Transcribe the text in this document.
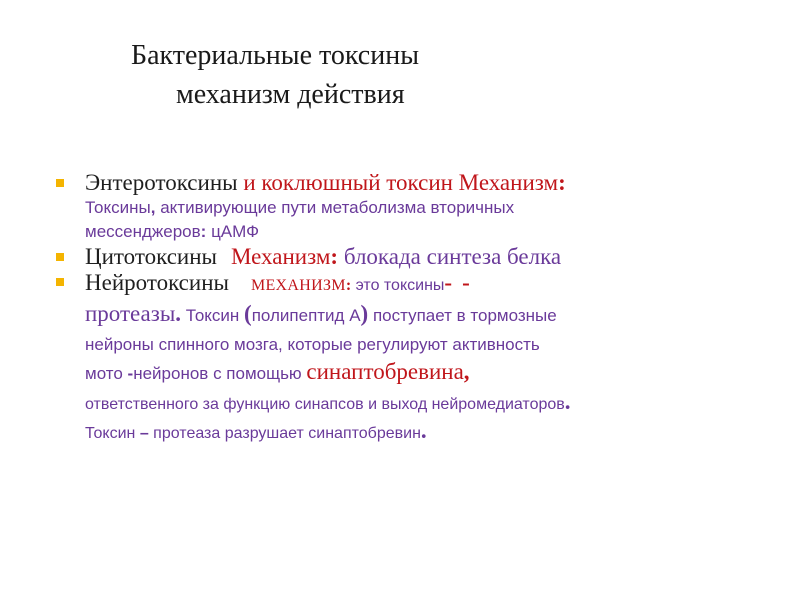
Бактериальные токсины
механизм действия
Энтеротоксины и коклюшный токсин Механизм:
Токсины, активирующие пути метаболизма вторичных
мессенджеров: цАМФ
Цитотоксины Механизм: блокада синтеза белка
Нейротоксины МЕХАНИЗМ: это токсины- -
протеазы. Токсин (полипептид А) поступает в тормозные
нейроны спинного мозга, которые регулируют активность
мото -нейронов с помощью синаптобревина,
ответственного за функцию синапсов и выход нейромедиаторов.
Токсин – протеаза разрушает синаптобревин.
